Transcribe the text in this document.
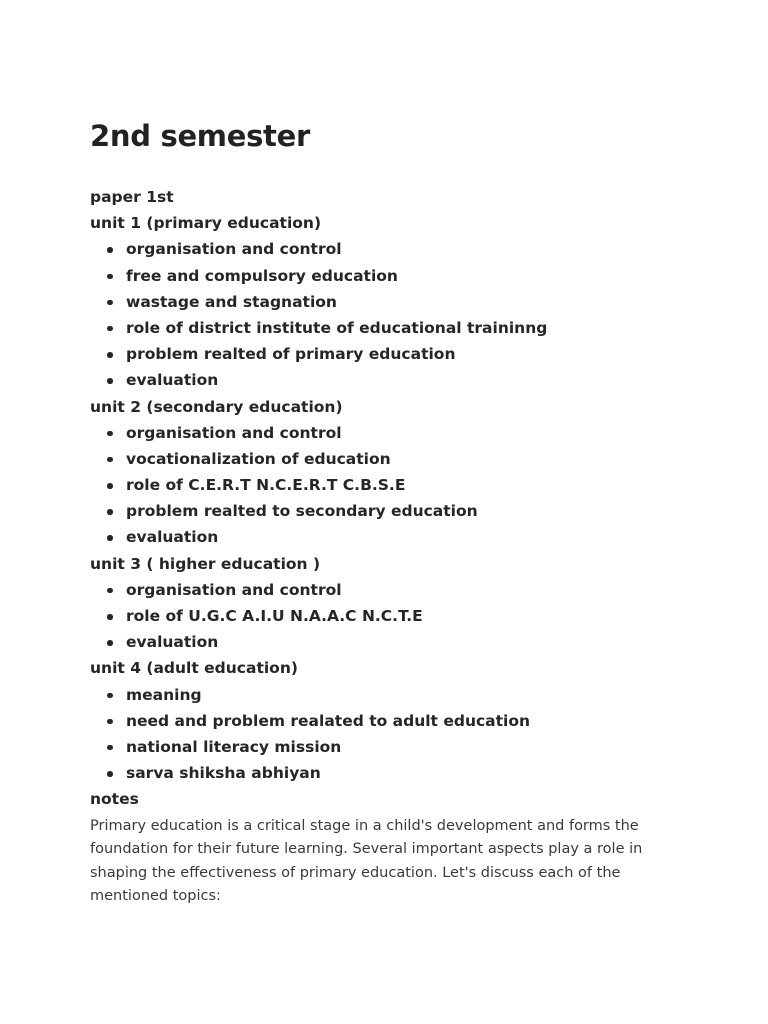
2nd semester
paper 1st
unit 1 (primary education)
organisation and control
free and compulsory education
wastage and stagnation
role of district institute of educational traininng
problem realted of primary education
evaluation
unit 2 (secondary education)
organisation and control
vocationalization of education
role of C.E.R.T N.C.E.R.T C.B.S.E
problem realted to secondary education
evaluation
unit 3 ( higher education )
organisation and control
role of U.G.C A.I.U N.A.A.C N.C.T.E
evaluation
unit 4 (adult education)
meaning
need and problem realated to adult education
national literacy mission
sarva shiksha abhiyan
notes
Primary education is a critical stage in a child's development and forms the foundation for their future learning. Several important aspects play a role in shaping the effectiveness of primary education. Let's discuss each of the mentioned topics:
